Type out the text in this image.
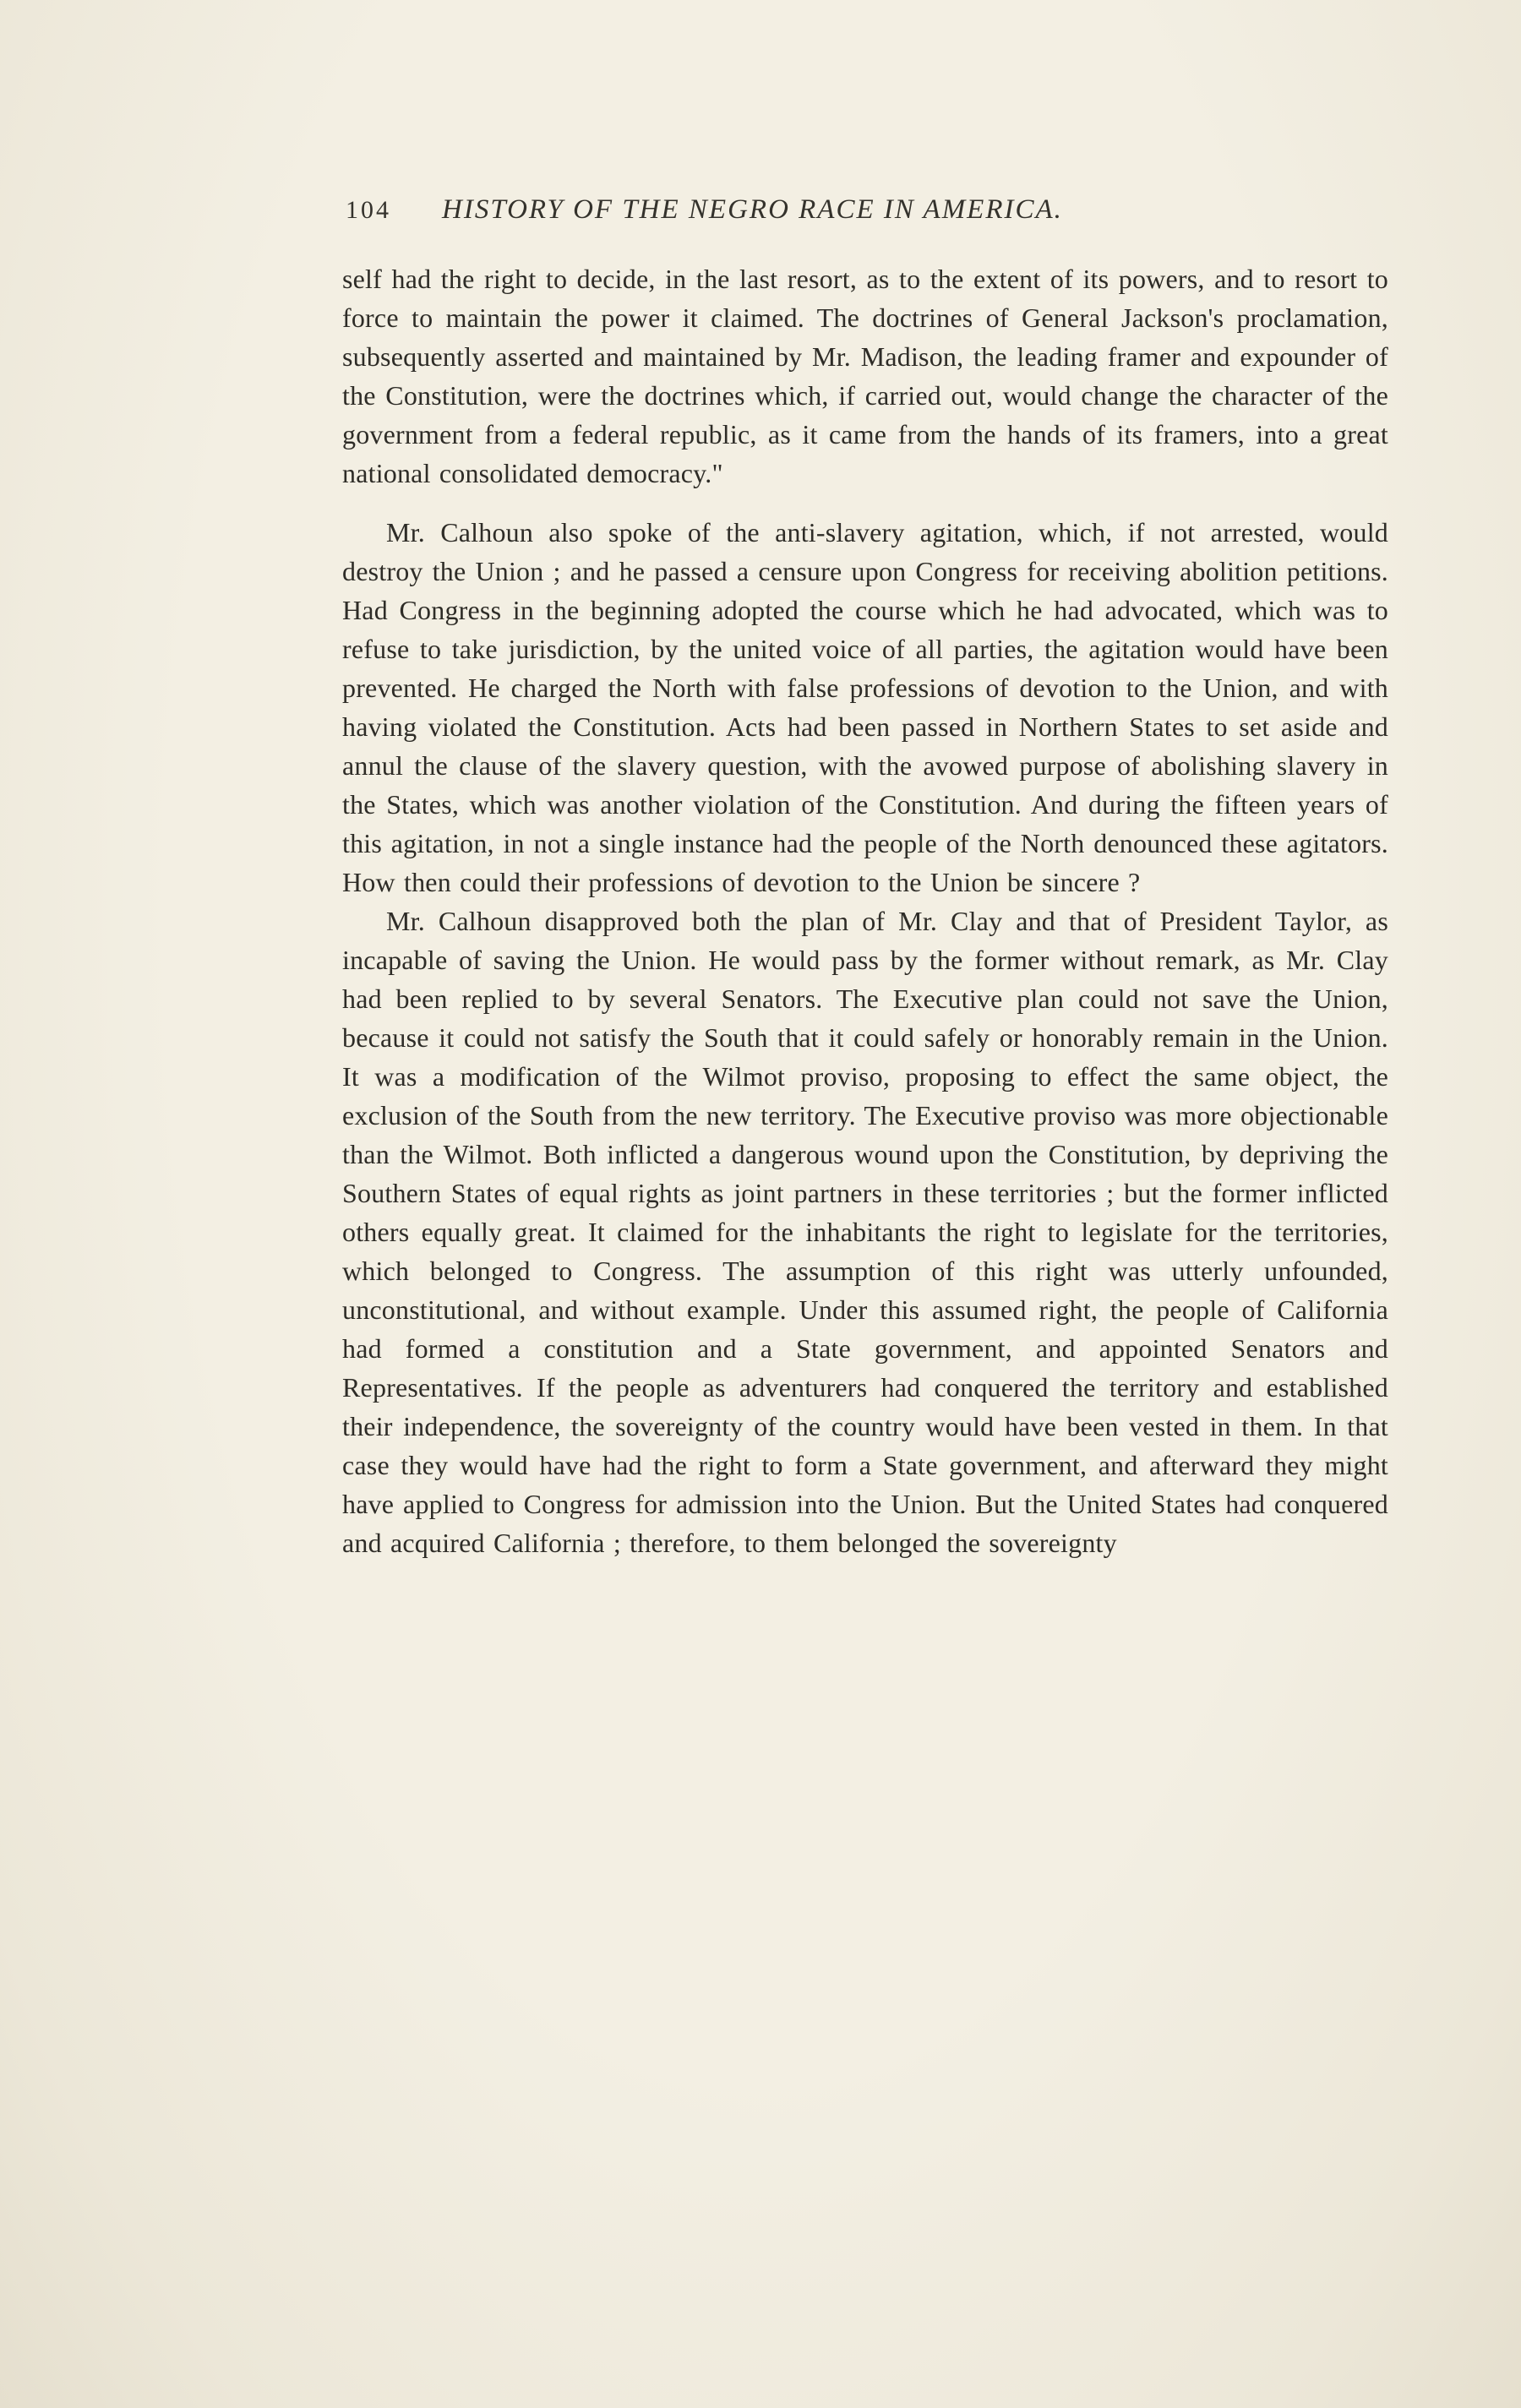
104 HISTORY OF THE NEGRO RACE IN AMERICA.

self had the right to decide, in the last resort, as to the extent of its powers, and to resort to force to maintain the power it claimed. The doctrines of General Jackson's proclamation, subsequently asserted and maintained by Mr. Madison, the leading framer and expounder of the Constitution, were the doctrines which, if carried out, would change the character of the government from a federal republic, as it came from the hands of its framers, into a great national consolidated democracy."

Mr. Calhoun also spoke of the anti-slavery agitation, which, if not arrested, would destroy the Union ; and he passed a censure upon Congress for receiving abolition petitions. Had Congress in the beginning adopted the course which he had advocated, which was to refuse to take jurisdiction, by the united voice of all parties, the agitation would have been prevented. He charged the North with false professions of devotion to the Union, and with having violated the Constitution. Acts had been passed in Northern States to set aside and annul the clause of the slavery question, with the avowed purpose of abolishing slavery in the States, which was another violation of the Constitution. And during the fifteen years of this agitation, in not a single instance had the people of the North denounced these agitators. How then could their professions of devotion to the Union be sincere ?

Mr. Calhoun disapproved both the plan of Mr. Clay and that of President Taylor, as incapable of saving the Union. He would pass by the former without remark, as Mr. Clay had been replied to by several Senators. The Executive plan could not save the Union, because it could not satisfy the South that it could safely or honorably remain in the Union. It was a modification of the Wilmot proviso, proposing to effect the same object, the exclusion of the South from the new territory. The Executive proviso was more objectionable than the Wilmot. Both inflicted a dangerous wound upon the Constitution, by depriving the Southern States of equal rights as joint partners in these territories ; but the former inflicted others equally great. It claimed for the inhabitants the right to legislate for the territories, which belonged to Congress. The assumption of this right was utterly unfounded, unconstitutional, and without example. Under this assumed right, the people of California had formed a constitution and a State government, and appointed Senators and Representatives. If the people as adventurers had conquered the territory and established their independence, the sovereignty of the country would have been vested in them. In that case they would have had the right to form a State government, and afterward they might have applied to Congress for admission into the Union. But the United States had conquered and acquired California ; therefore, to them belonged the sovereignty
